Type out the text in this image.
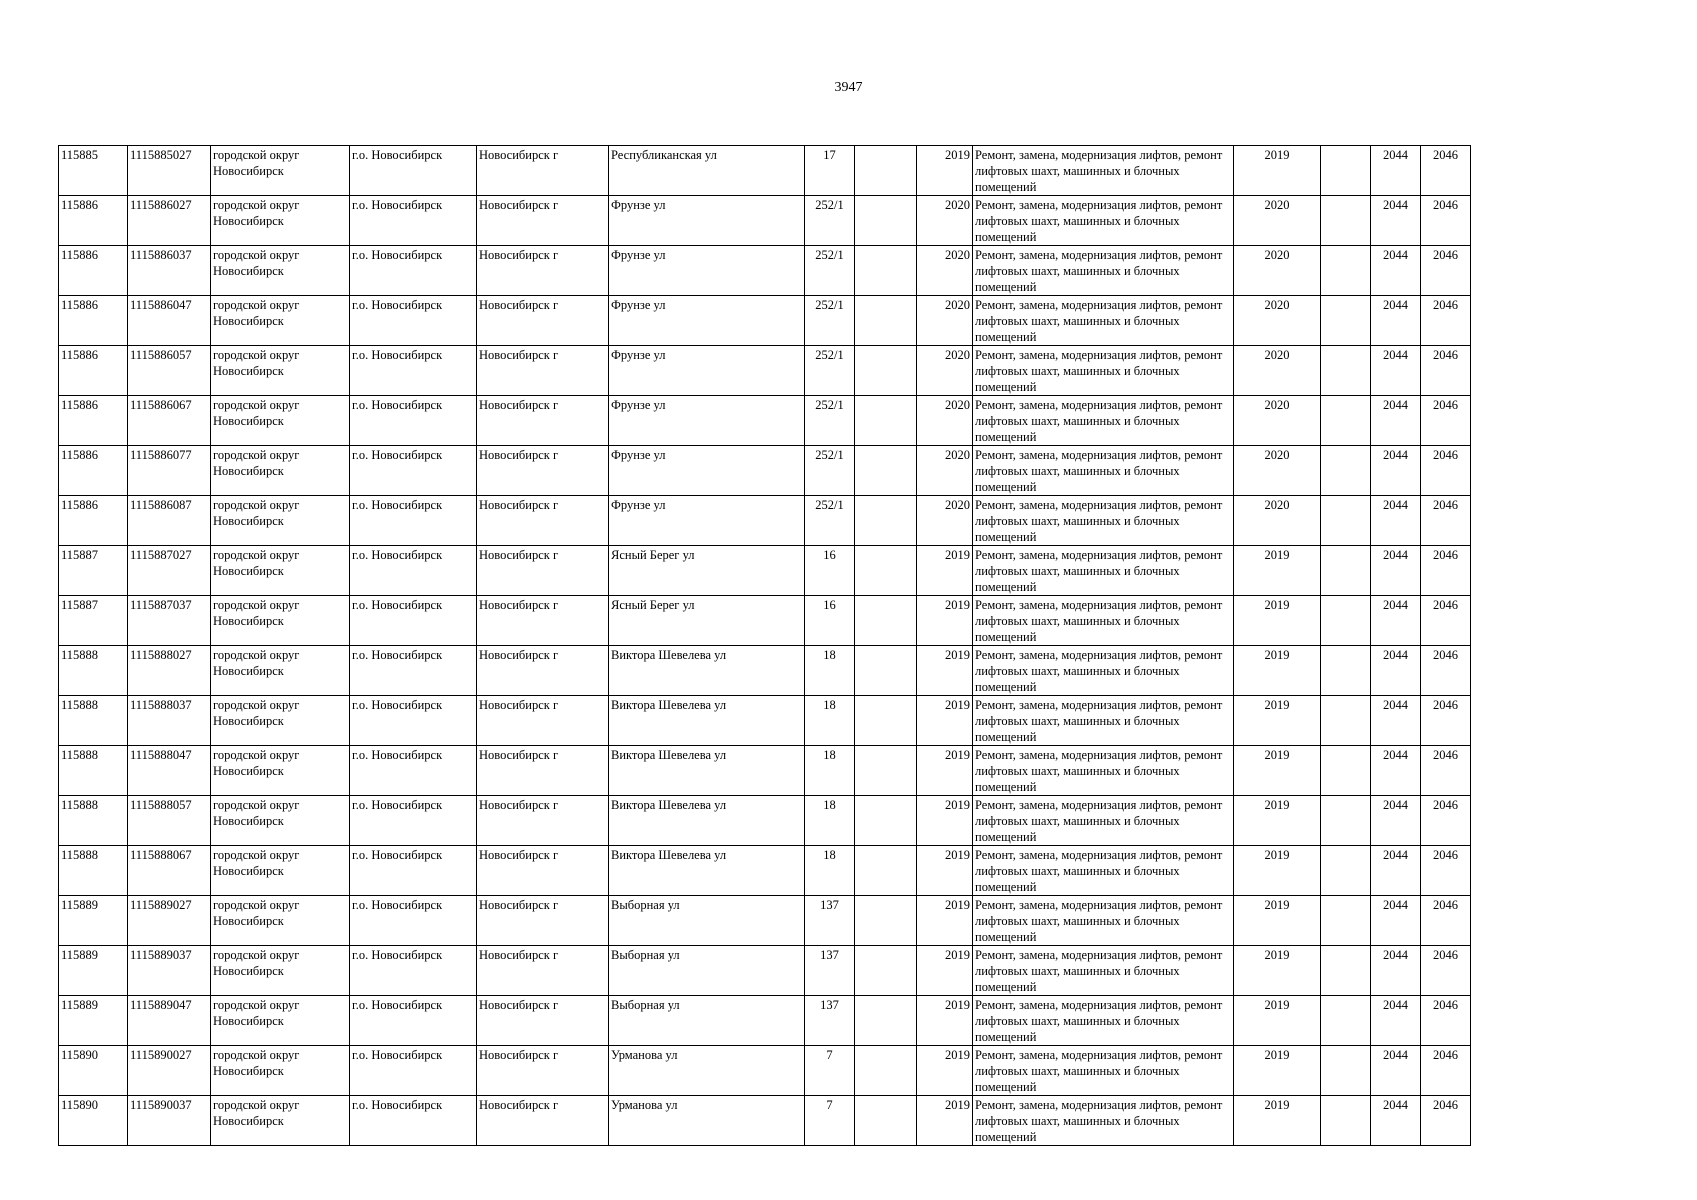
3947
115885	1115885027	городской округ Новосибирск	г.о. Новосибирск	Новосибирск г	Республиканская ул	17		2019	Ремонт, замена, модернизация лифтов, ремонт лифтовых шахт, машинных и блочных помещений	2019		2044	2046
115886	1115886027	городской округ Новосибирск	г.о. Новосибирск	Новосибирск г	Фрунзе ул	252/1		2020	Ремонт, замена, модернизация лифтов, ремонт лифтовых шахт, машинных и блочных помещений	2020		2044	2046
115886	1115886037	городской округ Новосибирск	г.о. Новосибирск	Новосибирск г	Фрунзе ул	252/1		2020	Ремонт, замена, модернизация лифтов, ремонт лифтовых шахт, машинных и блочных помещений	2020		2044	2046
115886	1115886047	городской округ Новосибирск	г.о. Новосибирск	Новосибирск г	Фрунзе ул	252/1		2020	Ремонт, замена, модернизация лифтов, ремонт лифтовых шахт, машинных и блочных помещений	2020		2044	2046
115886	1115886057	городской округ Новосибирск	г.о. Новосибирск	Новосибирск г	Фрунзе ул	252/1		2020	Ремонт, замена, модернизация лифтов, ремонт лифтовых шахт, машинных и блочных помещений	2020		2044	2046
115886	1115886067	городской округ Новосибирск	г.о. Новосибирск	Новосибирск г	Фрунзе ул	252/1		2020	Ремонт, замена, модернизация лифтов, ремонт лифтовых шахт, машинных и блочных помещений	2020		2044	2046
115886	1115886077	городской округ Новосибирск	г.о. Новосибирск	Новосибирск г	Фрунзе ул	252/1		2020	Ремонт, замена, модернизация лифтов, ремонт лифтовых шахт, машинных и блочных помещений	2020		2044	2046
115886	1115886087	городской округ Новосибирск	г.о. Новосибирск	Новосибирск г	Фрунзе ул	252/1		2020	Ремонт, замена, модернизация лифтов, ремонт лифтовых шахт, машинных и блочных помещений	2020		2044	2046
115887	1115887027	городской округ Новосибирск	г.о. Новосибирск	Новосибирск г	Ясный Берег ул	16		2019	Ремонт, замена, модернизация лифтов, ремонт лифтовых шахт, машинных и блочных помещений	2019		2044	2046
115887	1115887037	городской округ Новосибирск	г.о. Новосибирск	Новосибирск г	Ясный Берег ул	16		2019	Ремонт, замена, модернизация лифтов, ремонт лифтовых шахт, машинных и блочных помещений	2019		2044	2046
115888	1115888027	городской округ Новосибирск	г.о. Новосибирск	Новосибирск г	Виктора Шевелева ул	18		2019	Ремонт, замена, модернизация лифтов, ремонт лифтовых шахт, машинных и блочных помещений	2019		2044	2046
115888	1115888037	городской округ Новосибирск	г.о. Новосибирск	Новосибирск г	Виктора Шевелева ул	18		2019	Ремонт, замена, модернизация лифтов, ремонт лифтовых шахт, машинных и блочных помещений	2019		2044	2046
115888	1115888047	городской округ Новосибирск	г.о. Новосибирск	Новосибирск г	Виктора Шевелева ул	18		2019	Ремонт, замена, модернизация лифтов, ремонт лифтовых шахт, машинных и блочных помещений	2019		2044	2046
115888	1115888057	городской округ Новосибирск	г.о. Новосибирск	Новосибирск г	Виктора Шевелева ул	18		2019	Ремонт, замена, модернизация лифтов, ремонт лифтовых шахт, машинных и блочных помещений	2019		2044	2046
115888	1115888067	городской округ Новосибирск	г.о. Новосибирск	Новосибирск г	Виктора Шевелева ул	18		2019	Ремонт, замена, модернизация лифтов, ремонт лифтовых шахт, машинных и блочных помещений	2019		2044	2046
115889	1115889027	городской округ Новосибирск	г.о. Новосибирск	Новосибирск г	Выборная ул	137		2019	Ремонт, замена, модернизация лифтов, ремонт лифтовых шахт, машинных и блочных помещений	2019		2044	2046
115889	1115889037	городской округ Новосибирск	г.о. Новосибирск	Новосибирск г	Выборная ул	137		2019	Ремонт, замена, модернизация лифтов, ремонт лифтовых шахт, машинных и блочных помещений	2019		2044	2046
115889	1115889047	городской округ Новосибирск	г.о. Новосибирск	Новосибирск г	Выборная ул	137		2019	Ремонт, замена, модернизация лифтов, ремонт лифтовых шахт, машинных и блочных помещений	2019		2044	2046
115890	1115890027	городской округ Новосибирск	г.о. Новосибирск	Новосибирск г	Урманова ул	7		2019	Ремонт, замена, модернизация лифтов, ремонт лифтовых шахт, машинных и блочных помещений	2019		2044	2046
115890	1115890037	городской округ Новосибирск	г.о. Новосибирск	Новосибирск г	Урманова ул	7		2019	Ремонт, замена, модернизация лифтов, ремонт лифтовых шахт, машинных и блочных помещений	2019		2044	2046
